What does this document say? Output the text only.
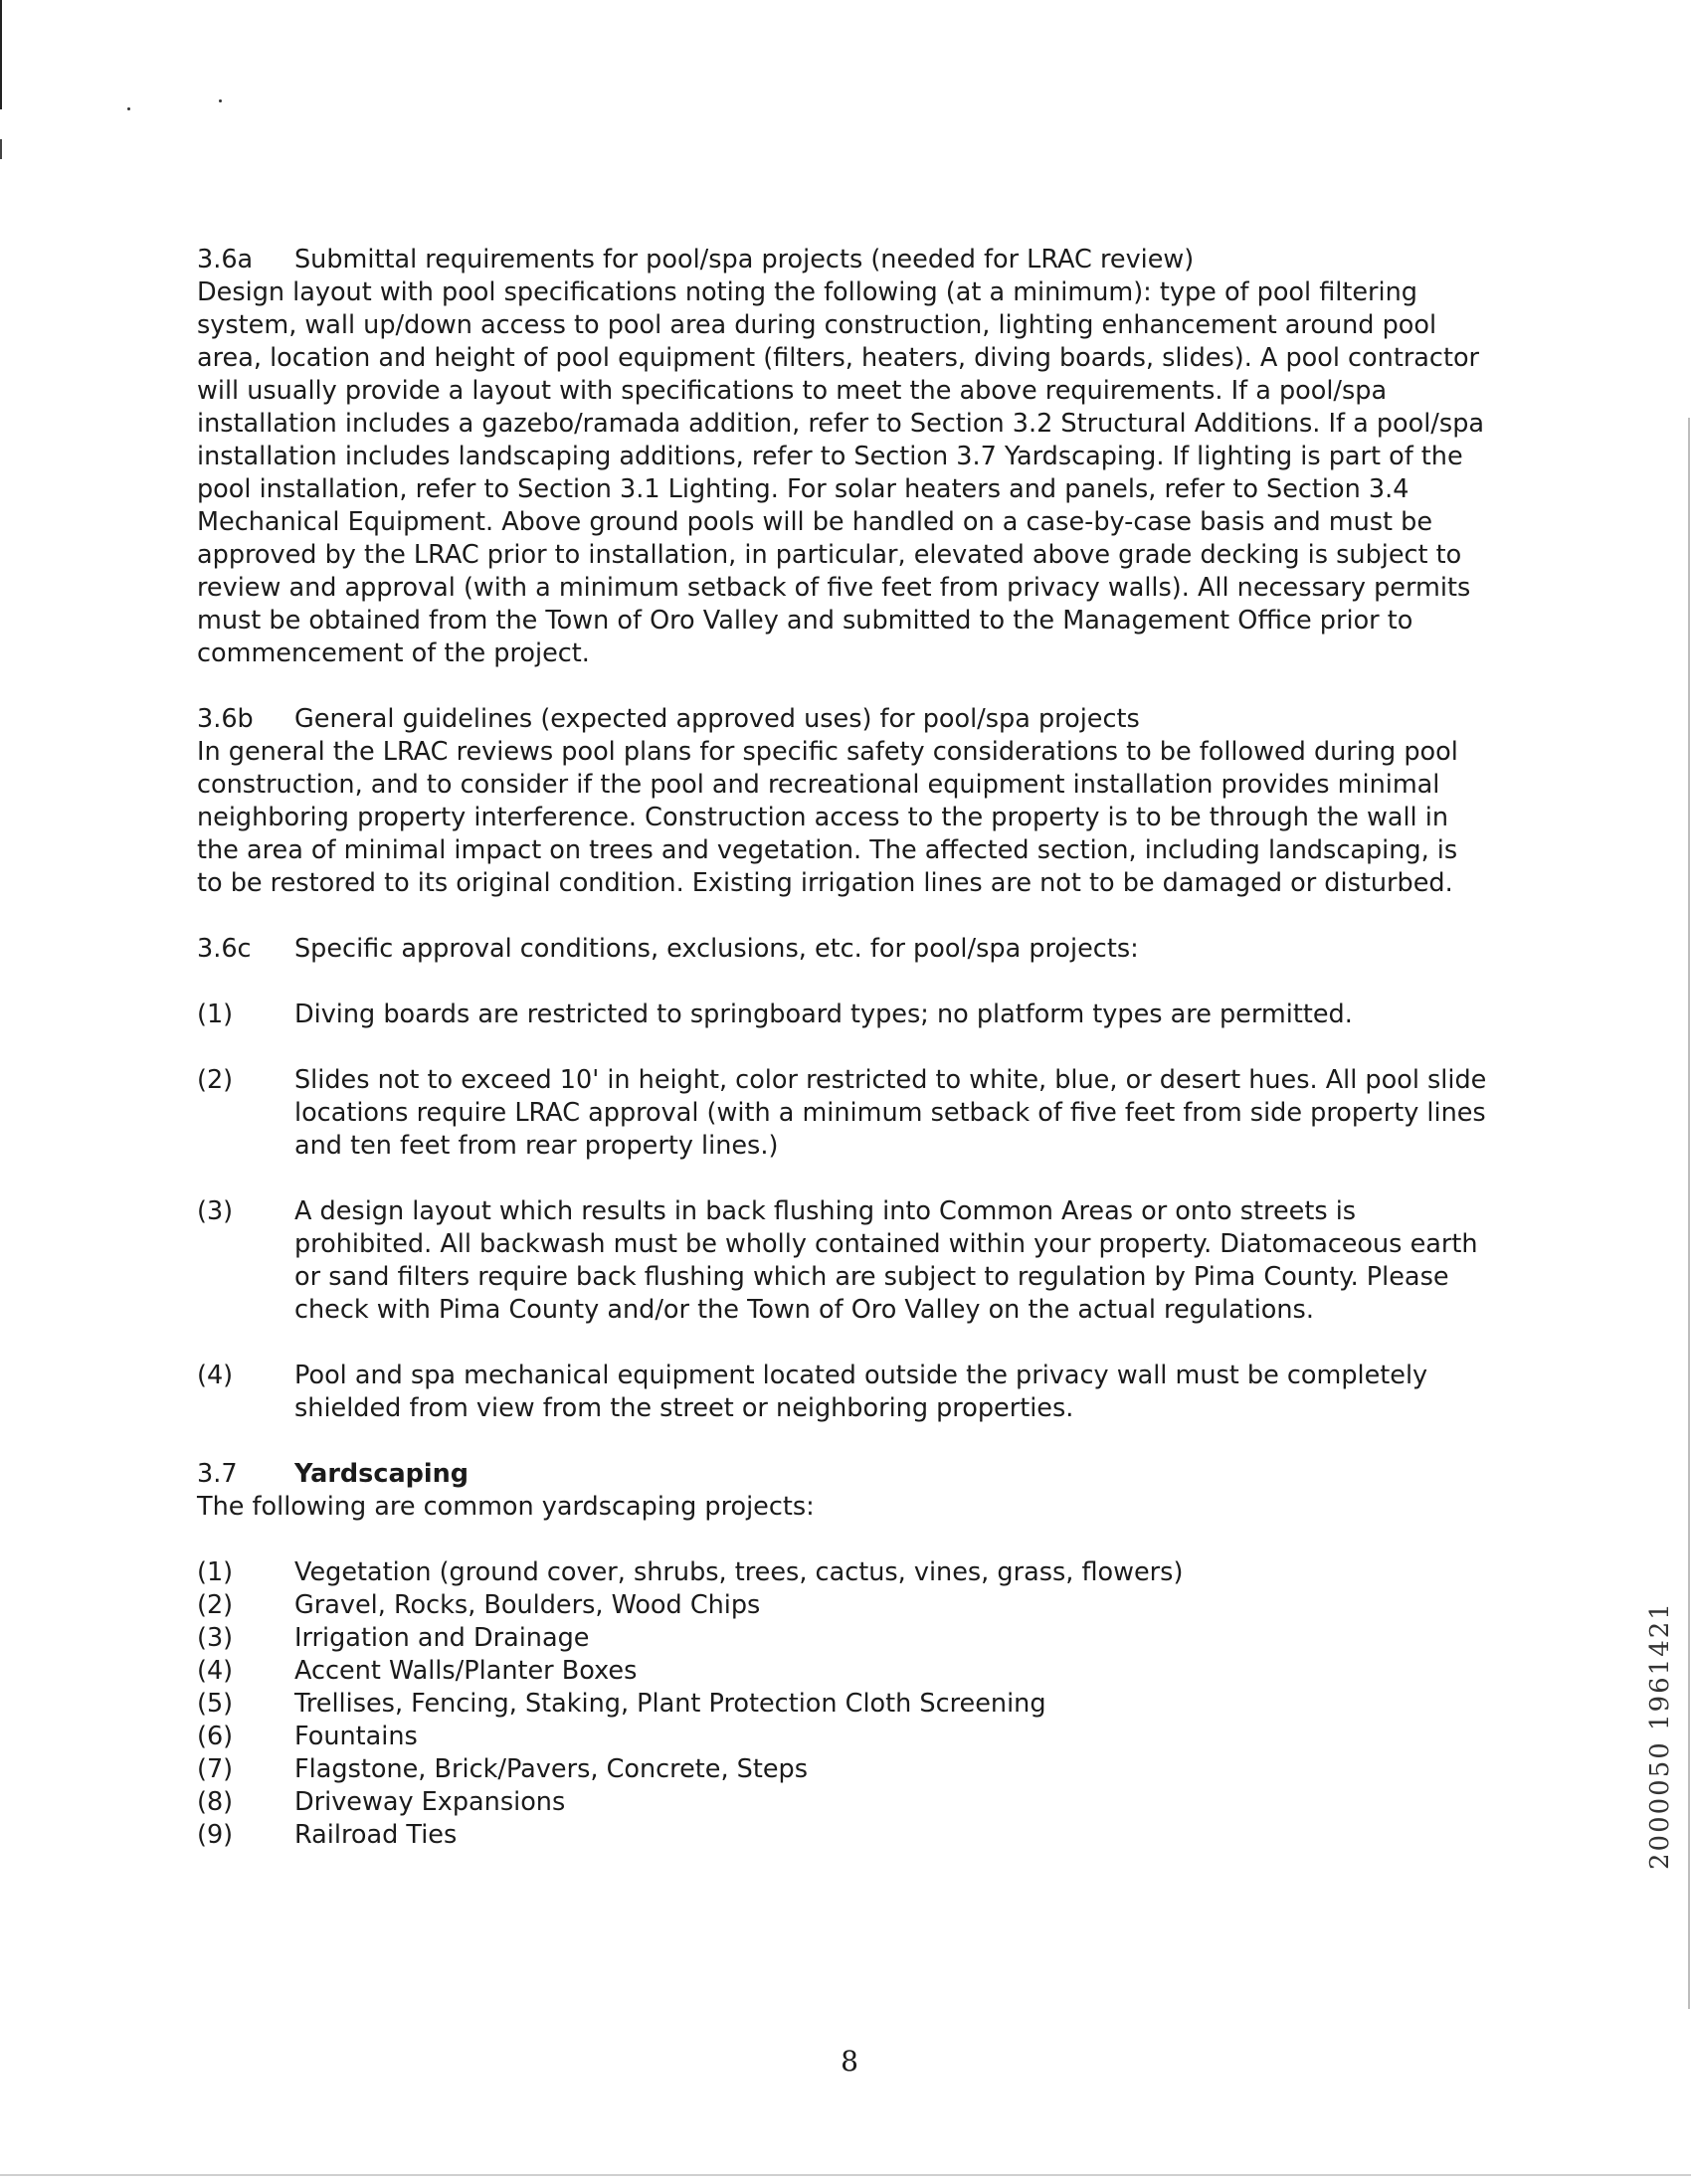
3.6a	Submittal requirements for pool/spa projects (needed for LRAC review)

Design layout with pool specifications noting the following (at a minimum): type of pool filtering system, wall up/down access to pool area during construction, lighting enhancement around pool area, location and height of pool equipment (filters, heaters, diving boards, slides). A pool contractor will usually provide a layout with specifications to meet the above requirements. If a pool/spa installation includes a gazebo/ramada addition, refer to Section 3.2 Structural Additions. If a pool/spa installation includes landscaping additions, refer to Section 3.7 Yardscaping. If lighting is part of the pool installation, refer to Section 3.1 Lighting. For solar heaters and panels, refer to Section 3.4 Mechanical Equipment. Above ground pools will be handled on a case-by-case basis and must be approved by the LRAC prior to installation, in particular, elevated above grade decking is subject to review and approval (with a minimum setback of five feet from privacy walls). All necessary permits must be obtained from the Town of Oro Valley and submitted to the Management Office prior to commencement of the project.

3.6b	General guidelines (expected approved uses) for pool/spa projects

In general the LRAC reviews pool plans for specific safety considerations to be followed during pool construction, and to consider if the pool and recreational equipment installation provides minimal neighboring property interference. Construction access to the property is to be through the wall in the area of minimal impact on trees and vegetation. The affected section, including landscaping, is to be restored to its original condition. Existing irrigation lines are not to be damaged or disturbed.

3.6c	Specific approval conditions, exclusions, etc. for pool/spa projects:
(1)	Diving boards are restricted to springboard types; no platform types are permitted.
(2)	Slides not to exceed 10' in height, color restricted to white, blue, or desert hues. All pool slide locations require LRAC approval (with a minimum setback of five feet from side property lines and ten feet from rear property lines.)
(3)	A design layout which results in back flushing into Common Areas or onto streets is prohibited. All backwash must be wholly contained within your property. Diatomaceous earth or sand filters require back flushing which are subject to regulation by Pima County. Please check with Pima County and/or the Town of Oro Valley on the actual regulations.
(4)	Pool and spa mechanical equipment located outside the privacy wall must be completely shielded from view from the street or neighboring properties.
3.7	Yardscaping

The following are common yardscaping projects:

(1)	Vegetation (ground cover, shrubs, trees, cactus, vines, grass, flowers)
(2)	Gravel, Rocks, Boulders, Wood Chips
(3)	Irrigation and Drainage
(4)	Accent Walls/Planter Boxes
(5)	Trellises, Fencing, Staking, Plant Protection Cloth Screening
(6)	Fountains
(7)	Flagstone, Brick/Pavers, Concrete, Steps
(8)	Driveway Expansions
(9)	Railroad Ties
8
2000050 1961421
